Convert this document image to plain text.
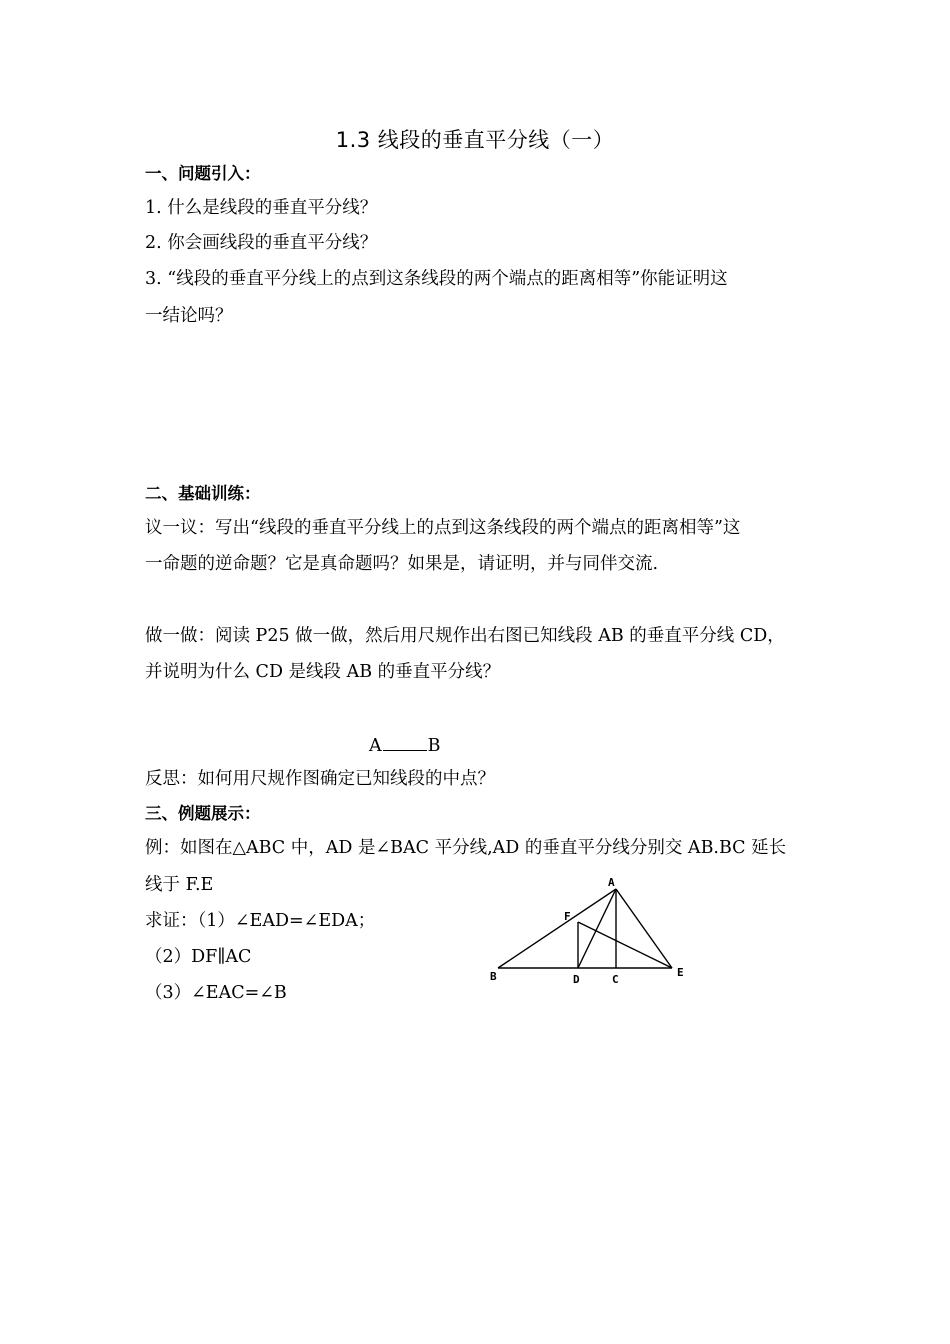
1.3 线段的垂直平分线（一）
一、问题引入：
1. 什么是线段的垂直平分线？
2. 你会画线段的垂直平分线？
3. “线段的垂直平分线上的点到这条线段的两个端点的距离相等”你能证明这
一结论吗？
二、基础训练：
议一议：写出“线段的垂直平分线上的点到这条线段的两个端点的距离相等”这
一命题的逆命题？它是真命题吗？如果是，请证明，并与同伴交流.
做一做：阅读 P25 做一做，然后用尺规作出右图已知线段 AB 的垂直平分线 CD，
并说明为什么 CD 是线段 AB 的垂直平分线？
A	B
反思：如何用尺规作图确定已知线段的中点？
三、例题展示：
例：如图在△ABC 中，AD 是∠BAC 平分线,AD 的垂直平分线分别交 AB.BC 延长
线于 F.E
求证：（1）∠EAD=∠EDA；
（2）DF∥AC
（3）∠EAC=∠B
A
F
B	D	C
E
